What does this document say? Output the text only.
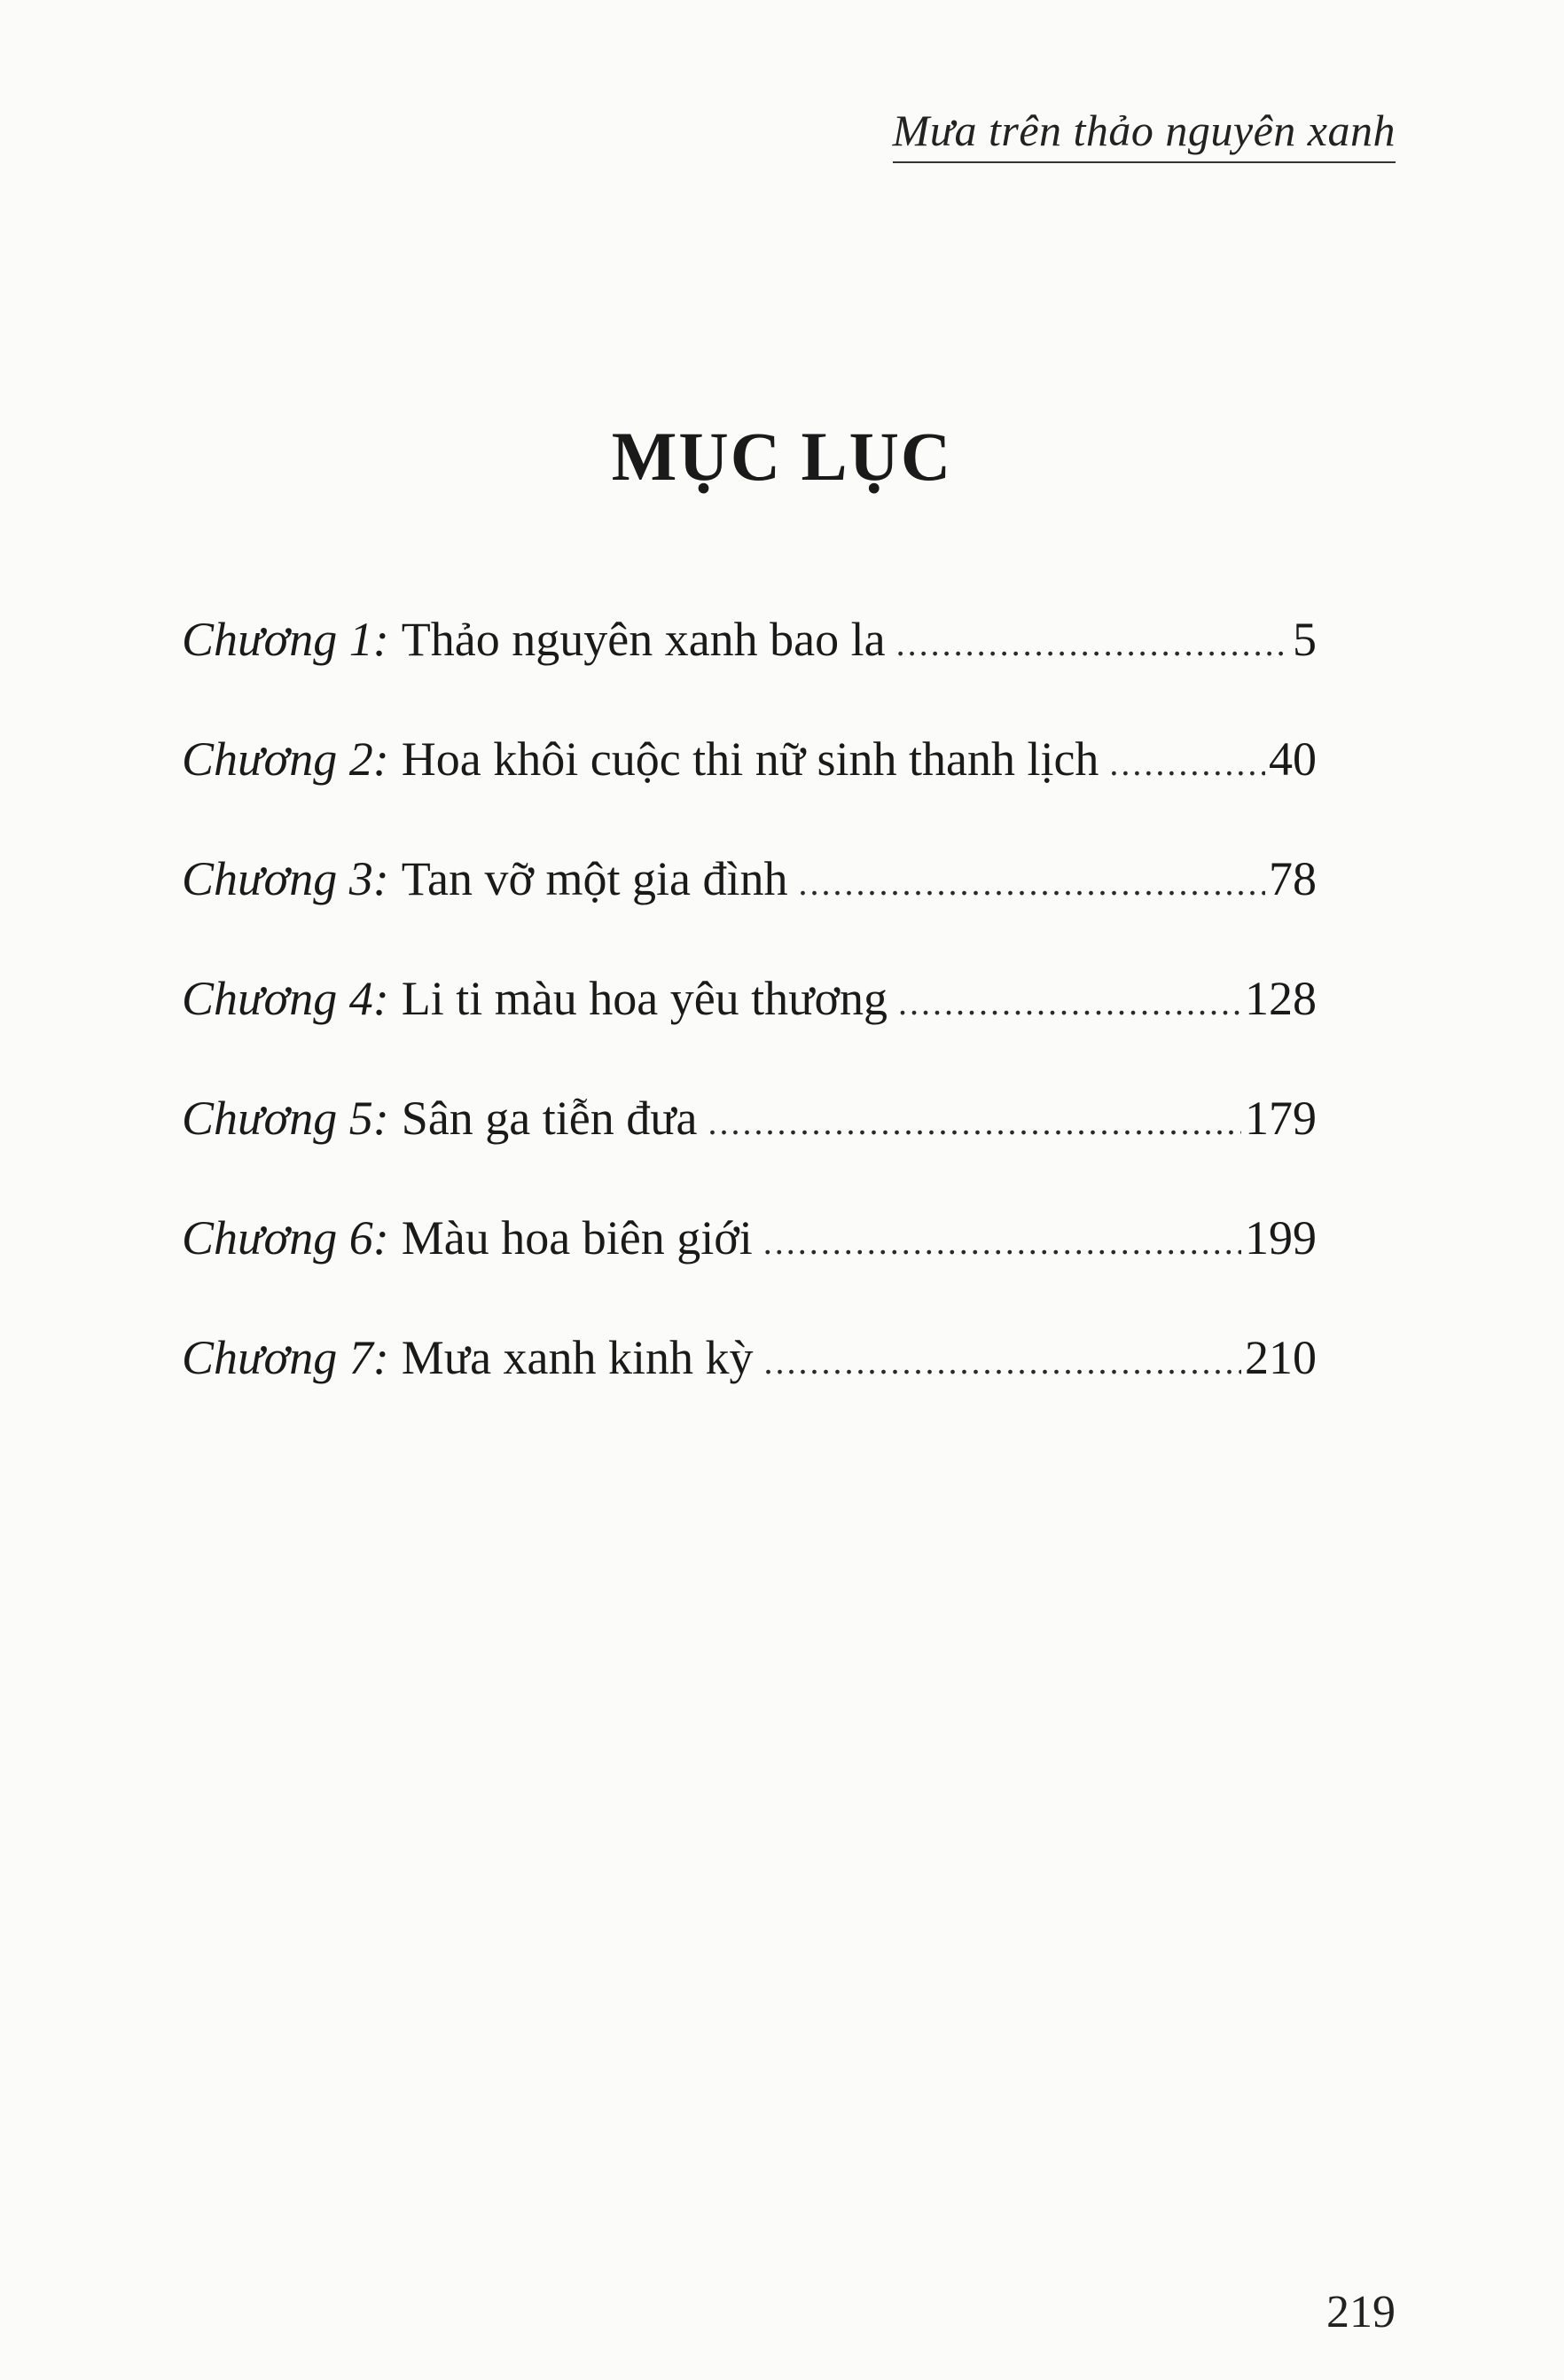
Mưa trên thảo nguyên xanh
MỤC LỤC
Chương 1 : Thảo nguyên xanh bao la .....	5
Chương 2 : Hoa khôi cuộc thi nữ sinh thanh lịch .....	40
Chương 3 : Tan vỡ một gia đình .....	78
Chương 4 : Li ti màu hoa yêu thương .....	128
Chương 5 : Sân ga tiễn đưa .....	179
Chương 6 : Màu hoa biên giới .....	199
Chương 7 : Mưa xanh kinh kỳ .....	210
219
